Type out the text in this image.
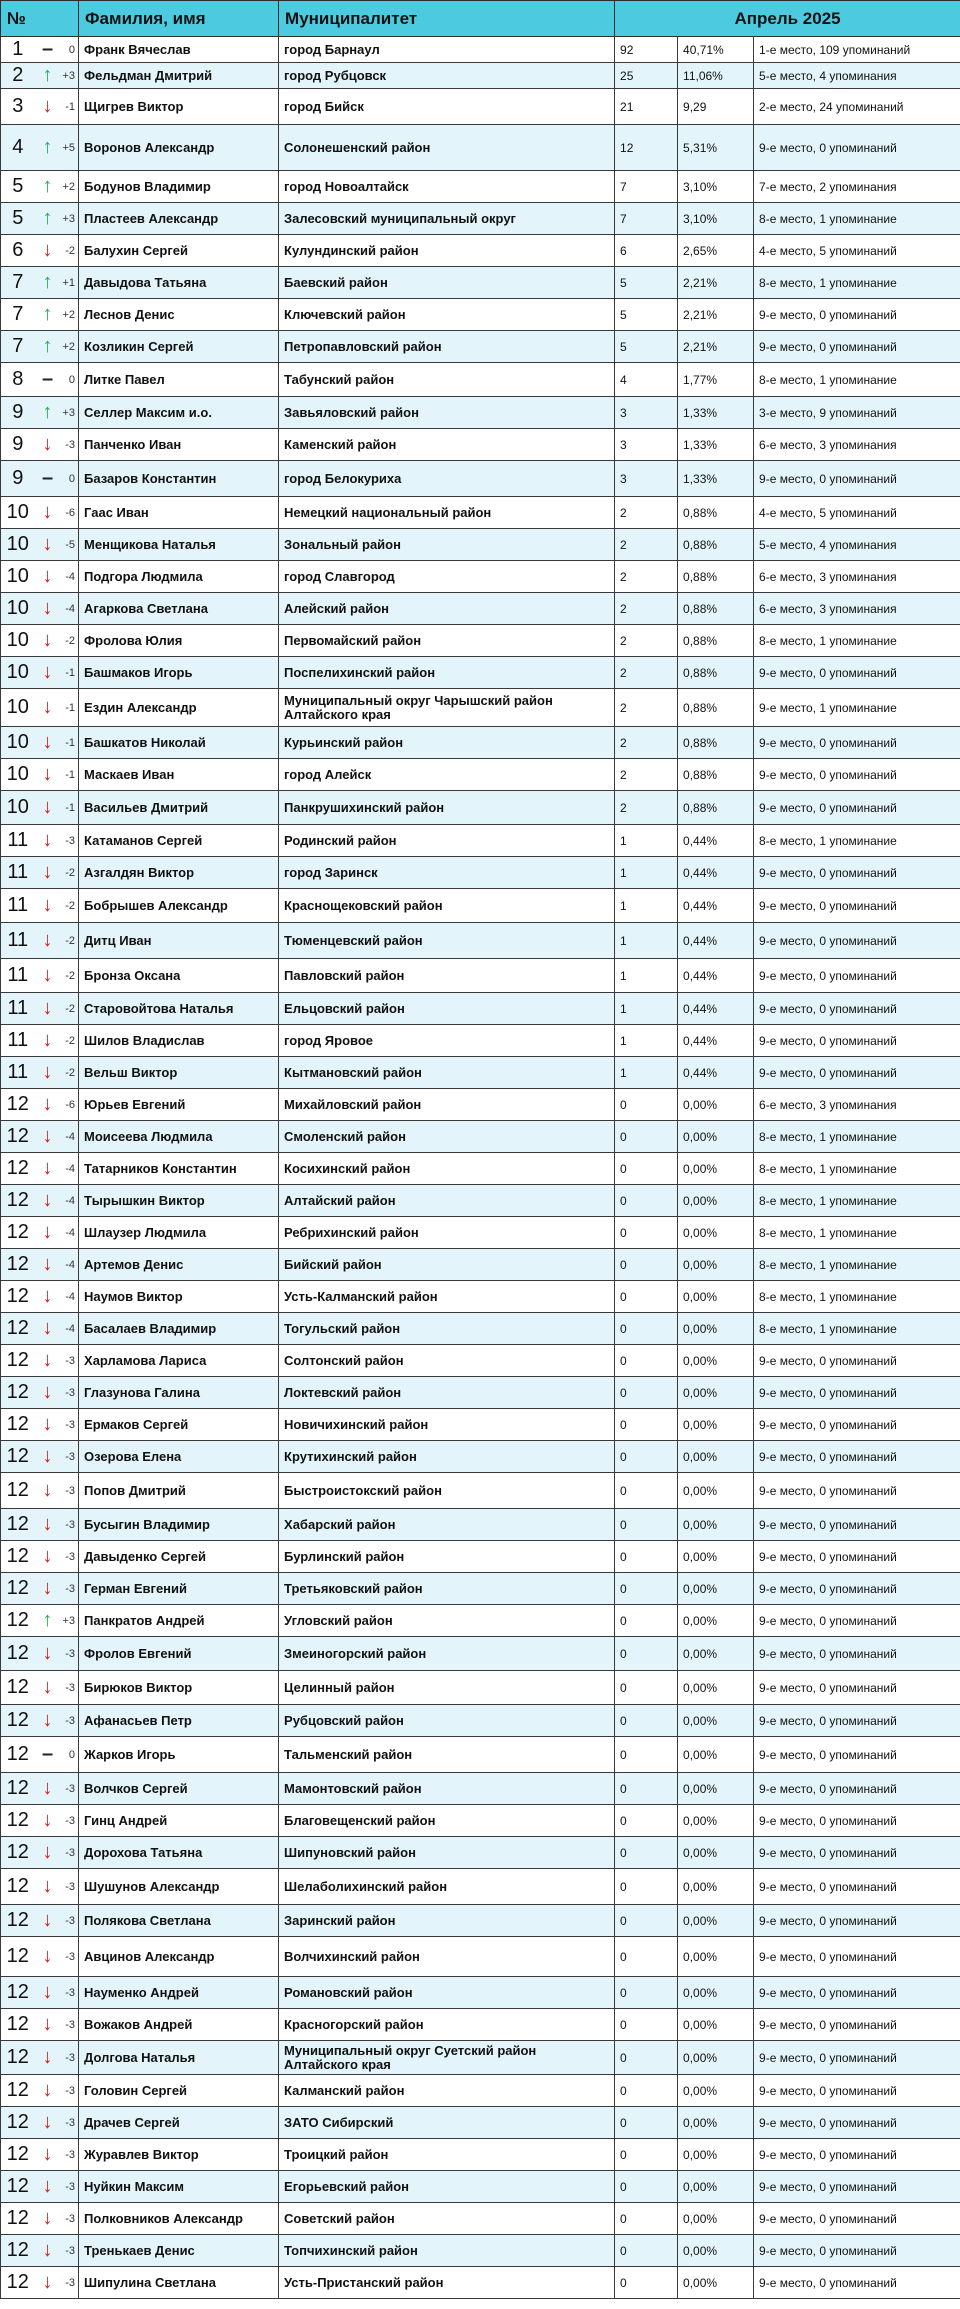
№			Фамилия, имя	Муниципалитет	Апрель 2025	
1	–	0	Франк Вячеслав	город Барнаул	92	40,71%	1-е место, 109 упоминаний	
2	↑	+3	Фельдман Дмитрий	город Рубцовск	25	11,06%	5-е место, 4 упоминания	
3	↓	-1	Щигрев Виктор	город Бийск	21	9,29	2-е место, 24 упоминаний	
4	↑	+5	Воронов Александр	Солонешенский район	12	5,31%	9-е место, 0 упоминаний	
5	↑	+2	Бодунов Владимир	город Новоалтайск	7	3,10%	7-е место, 2 упоминания	
5	↑	+3	Пластеев Александр	Залесовский муниципальный округ	7	3,10%	8-е место, 1 упоминание	
6	↓	-2	Балухин Сергей	Кулундинский район	6	2,65%	4-е место, 5 упоминаний	
7	↑	+1	Давыдова Татьяна	Баевский район	5	2,21%	8-е место, 1 упоминание	
7	↑	+2	Леснов Денис	Ключевский район	5	2,21%	9-е место, 0 упоминаний	
7	↑	+2	Козликин Сергей	Петропавловский район	5	2,21%	9-е место, 0 упоминаний	
8	–	0	Литке Павел	Табунский район	4	1,77%	8-е место, 1 упоминание	
9	↑	+3	Селлер Максим и.о.	Завьяловский район	3	1,33%	3-е место, 9 упоминаний	
9	↓	-3	Панченко Иван	Каменский район	3	1,33%	6-е место, 3 упоминания	
9	–	0	Базаров Константин	город Белокуриха	3	1,33%	9-е место, 0 упоминаний	
10	↓	-6	Гаас Иван	Немецкий национальный район	2	0,88%	4-е место, 5 упоминаний	
10	↓	-5	Менщикова Наталья	Зональный район	2	0,88%	5-е место, 4 упоминания	
10	↓	-4	Подгора Людмила	город Славгород	2	0,88%	6-е место, 3 упоминания	
10	↓	-4	Агаркова Светлана	Алейский район	2	0,88%	6-е место, 3 упоминания	
10	↓	-2	Фролова Юлия	Первомайский район	2	0,88%	8-е место, 1 упоминание	
10	↓	-1	Башмаков Игорь	Поспелихинский район	2	0,88%	9-е место, 0 упоминаний	
10	↓	-1	Ездин Александр	Муниципальный округ Чарышский район Алтайского края	2	0,88%	9-е место, 1 упоминание	
10	↓	-1	Башкатов Николай	Курьинский район	2	0,88%	9-е место, 0 упоминаний	
10	↓	-1	Маскаев Иван	город Алейск	2	0,88%	9-е место, 0 упоминаний	
10	↓	-1	Васильев Дмитрий	Панкрушихинский район	2	0,88%	9-е место, 0 упоминаний	
11	↓	-3	Катаманов Сергей	Родинский район	1	0,44%	8-е место, 1 упоминание	
11	↓	-2	Азгалдян Виктор	город Заринск	1	0,44%	9-е место, 0 упоминаний	
11	↓	-2	Бобрышев Александр	Краснощековский район	1	0,44%	9-е место, 0 упоминаний	
11	↓	-2	Дитц Иван	Тюменцевский район	1	0,44%	9-е место, 0 упоминаний	
11	↓	-2	Бронза Оксана	Павловский район	1	0,44%	9-е место, 0 упоминаний	
11	↓	-2	Старовойтова Наталья	Ельцовский район	1	0,44%	9-е место, 0 упоминаний	
11	↓	-2	Шилов Владислав	город Яровое	1	0,44%	9-е место, 0 упоминаний	
11	↓	-2	Вельш Виктор	Кытмановский район	1	0,44%	9-е место, 0 упоминаний	
12	↓	-6	Юрьев Евгений	Михайловский район	0	0,00%	6-е место, 3 упоминания	
12	↓	-4	Моисеева Людмила	Смоленский район	0	0,00%	8-е место, 1 упоминание	
12	↓	-4	Татарников Константин	Косихинский район	0	0,00%	8-е место, 1 упоминание	
12	↓	-4	Тырышкин Виктор	Алтайский район	0	0,00%	8-е место, 1 упоминание	
12	↓	-4	Шлаузер Людмила	Ребрихинский район	0	0,00%	8-е место, 1 упоминание	
12	↓	-4	Артемов Денис	Бийский район	0	0,00%	8-е место, 1 упоминание	
12	↓	-4	Наумов Виктор	Усть-Калманский район	0	0,00%	8-е место, 1 упоминание	
12	↓	-4	Басалаев Владимир	Тогульский район	0	0,00%	8-е место, 1 упоминание	
12	↓	-3	Харламова Лариса	Солтонский район	0	0,00%	9-е место, 0 упоминаний	
12	↓	-3	Глазунова Галина	Локтевский район	0	0,00%	9-е место, 0 упоминаний	
12	↓	-3	Ермаков Сергей	Новичихинский район	0	0,00%	9-е место, 0 упоминаний	
12	↓	-3	Озерова Елена	Крутихинский район	0	0,00%	9-е место, 0 упоминаний	
12	↓	-3	Попов Дмитрий	Быстроистокский район	0	0,00%	9-е место, 0 упоминаний	
12	↓	-3	Бусыгин Владимир	Хабарский район	0	0,00%	9-е место, 0 упоминаний	
12	↓	-3	Давыденко Сергей	Бурлинский район	0	0,00%	9-е место, 0 упоминаний	
12	↓	-3	Герман Евгений	Третьяковский район	0	0,00%	9-е место, 0 упоминаний	
12	↑	+3	Панкратов Андрей	Угловский район	0	0,00%	9-е место, 0 упоминаний	
12	↓	-3	Фролов Евгений	Змеиногорский район	0	0,00%	9-е место, 0 упоминаний	
12	↓	-3	Бирюков Виктор	Целинный район	0	0,00%	9-е место, 0 упоминаний	
12	↓	-3	Афанасьев Петр	Рубцовский район	0	0,00%	9-е место, 0 упоминаний	
12	–	0	Жарков Игорь	Тальменский район	0	0,00%	9-е место, 0 упоминаний	
12	↓	-3	Волчков Сергей	Мамонтовский район	0	0,00%	9-е место, 0 упоминаний	
12	↓	-3	Гинц Андрей	Благовещенский район	0	0,00%	9-е место, 0 упоминаний	
12	↓	-3	Дорохова Татьяна	Шипуновский район	0	0,00%	9-е место, 0 упоминаний	
12	↓	-3	Шушунов Александр	Шелаболихинский район	0	0,00%	9-е место, 0 упоминаний	
12	↓	-3	Полякова Светлана	Заринский район	0	0,00%	9-е место, 0 упоминаний	
12	↓	-3	Авцинов Александр	Волчихинский район	0	0,00%	9-е место, 0 упоминаний	
12	↓	-3	Науменко Андрей	Романовский район	0	0,00%	9-е место, 0 упоминаний	
12	↓	-3	Вожаков Андрей	Красногорский район	0	0,00%	9-е место, 0 упоминаний	
12	↓	-3	Долгова Наталья	Муниципальный округ Суетский район Алтайского края	0	0,00%	9-е место, 0 упоминаний	
12	↓	-3	Головин Сергей	Калманский район	0	0,00%	9-е место, 0 упоминаний	
12	↓	-3	Драчев Сергей	ЗАТО Сибирский	0	0,00%	9-е место, 0 упоминаний	
12	↓	-3	Журавлев Виктор	Троицкий район	0	0,00%	9-е место, 0 упоминаний	
12	↓	-3	Нуйкин Максим	Егорьевский район	0	0,00%	9-е место, 0 упоминаний	
12	↓	-3	Полковников Александр	Советский район	0	0,00%	9-е место, 0 упоминаний	
12	↓	-3	Тренькаев Денис	Топчихинский район	0	0,00%	9-е место, 0 упоминаний	
12	↓	-3	Шипулина Светлана	Усть-Пристанский район	0	0,00%	9-е место, 0 упоминаний	
